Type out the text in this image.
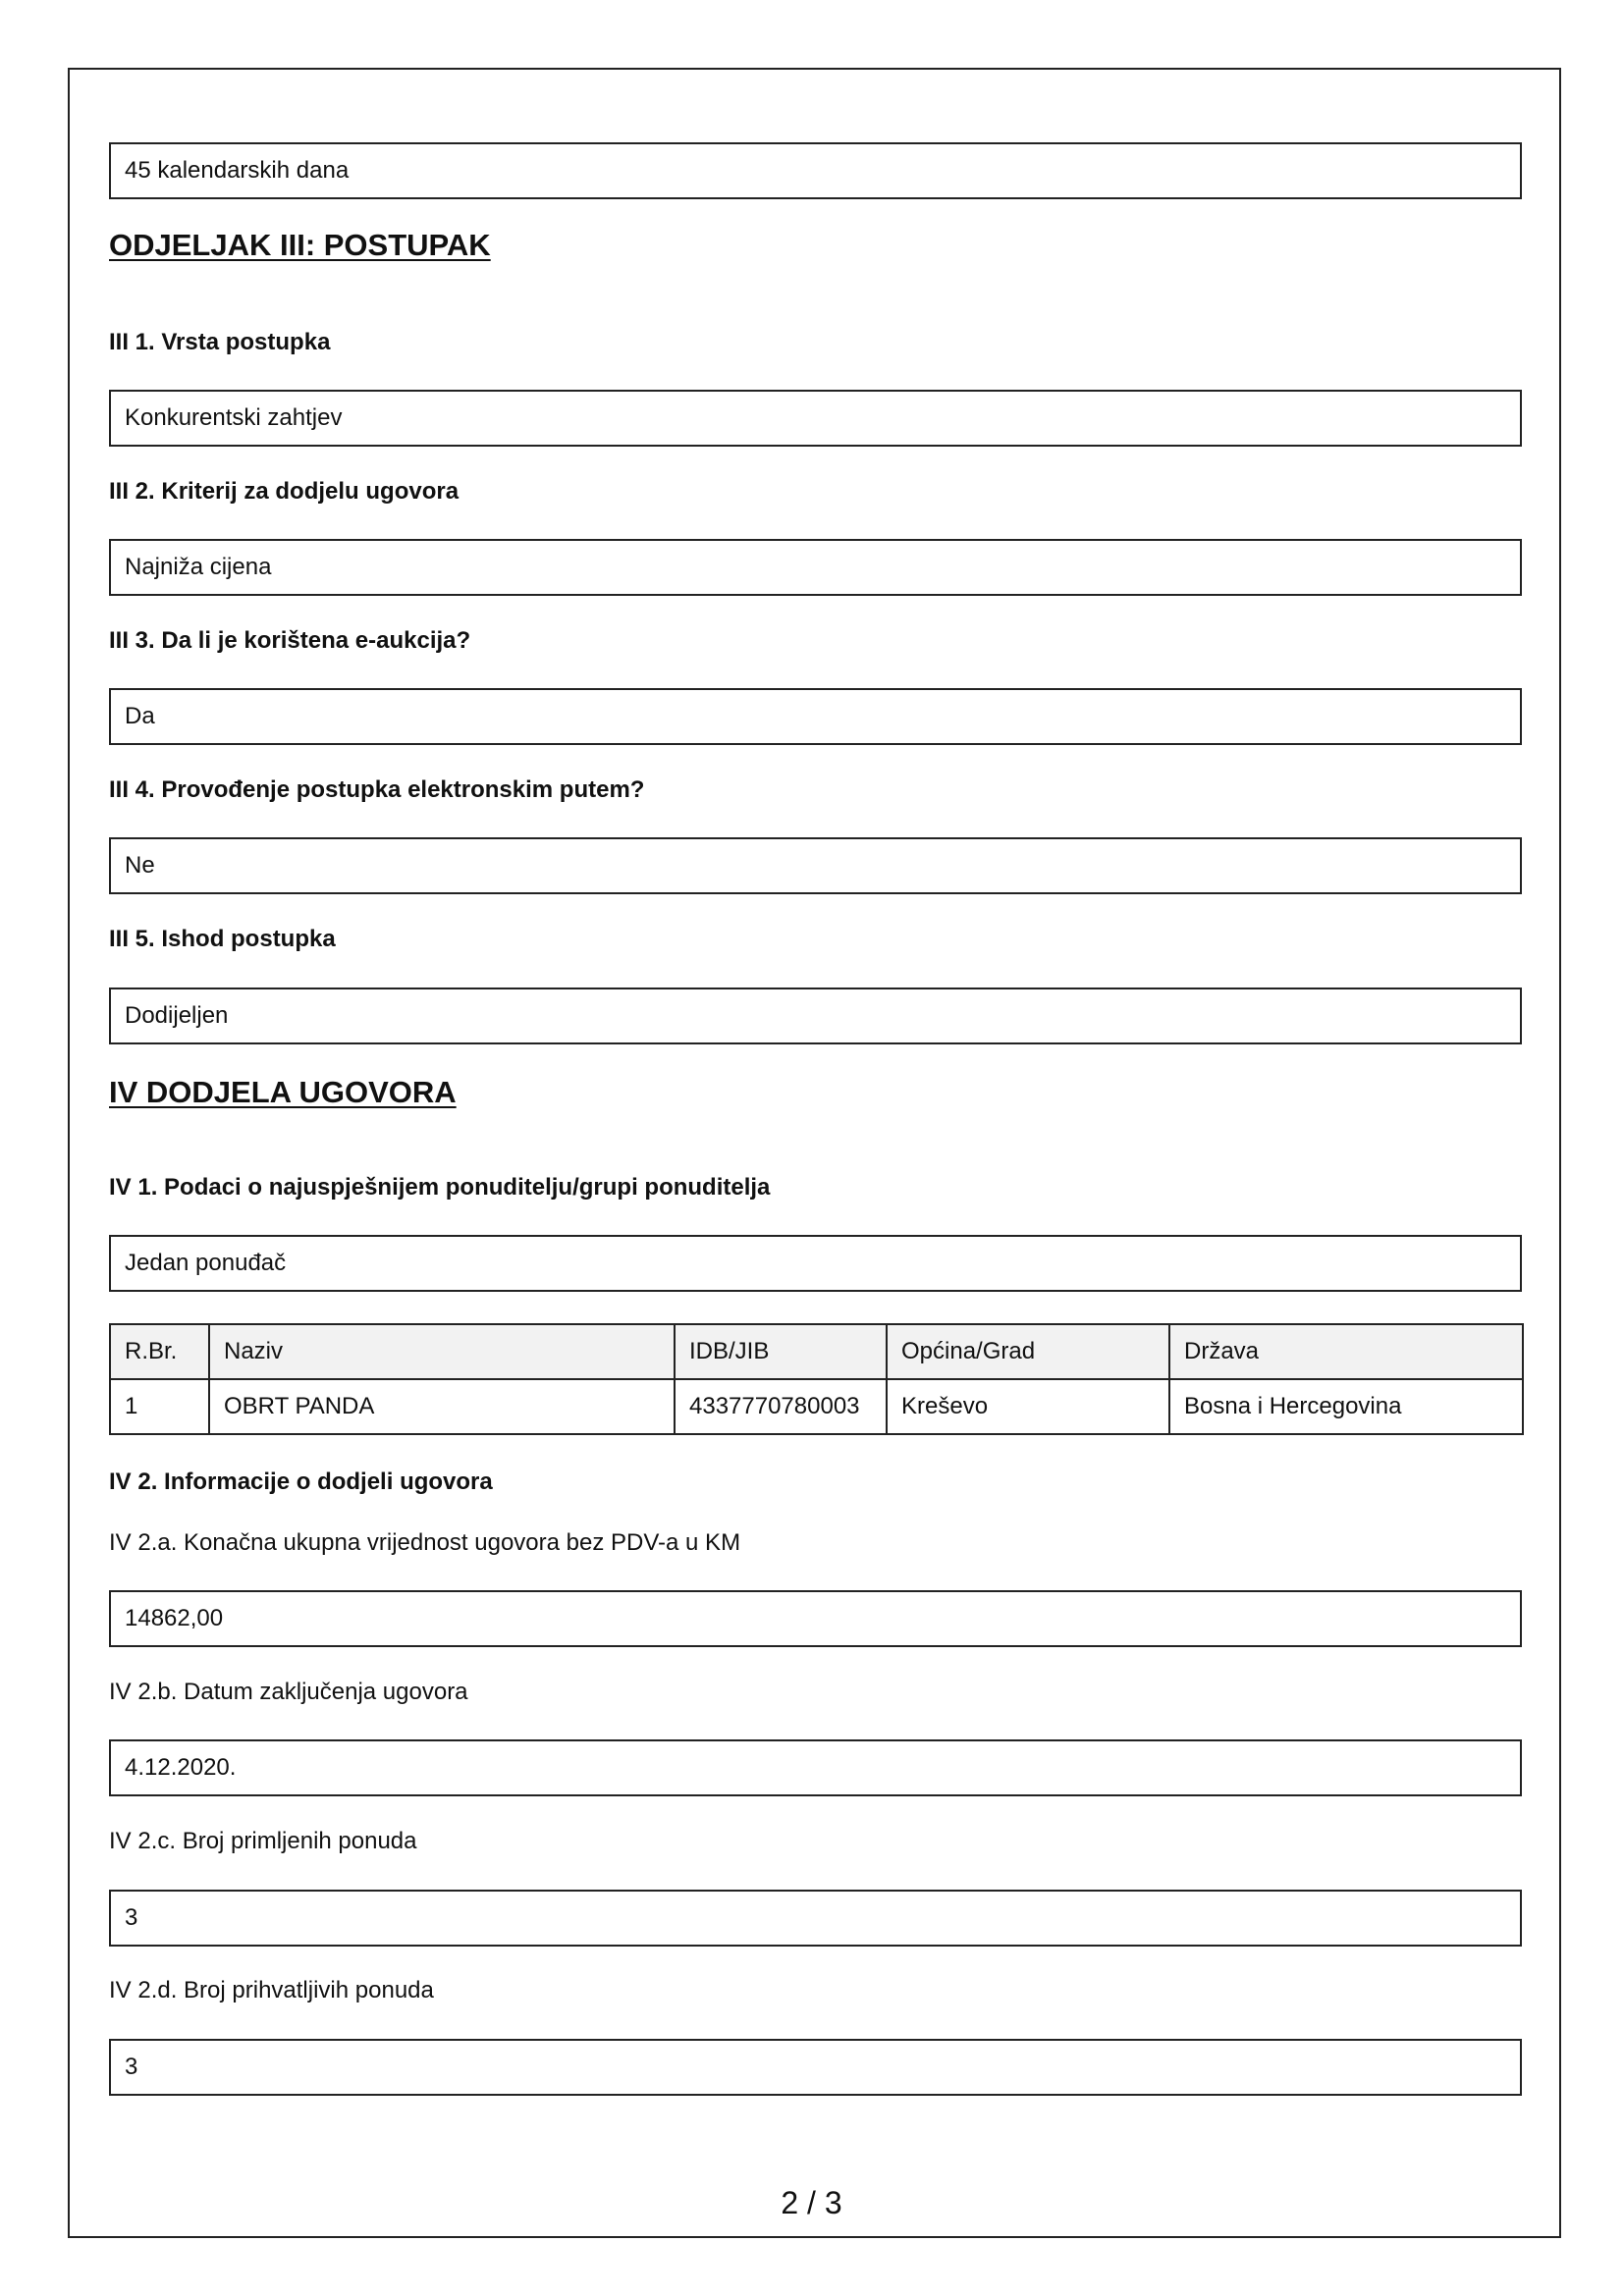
45 kalendarskih dana
ODJELJAK III: POSTUPAK
III 1. Vrsta postupka
Konkurentski zahtjev
III 2. Kriterij za dodjelu ugovora
Najniža cijena
III 3. Da li je korištena e-aukcija?
Da
III 4. Provođenje postupka elektronskim putem?
Ne
III 5. Ishod postupka
Dodijeljen
IV DODJELA UGOVORA
IV 1. Podaci o najuspješnijem ponuditelju/grupi ponuditelja
Jedan ponuđač
R.Br.	Naziv	IDB/JIB	Općina/Grad	Država
1	OBRT PANDA	4337770780003	Kreševo	Bosna i Hercegovina
IV 2. Informacije o dodjeli ugovora
IV 2.a. Konačna ukupna vrijednost ugovora bez PDV-a u KM
14862,00
IV 2.b. Datum zaključenja ugovora
4.12.2020.
IV 2.c. Broj primljenih ponuda
3
IV 2.d. Broj prihvatljivih ponuda
3
2 / 3
